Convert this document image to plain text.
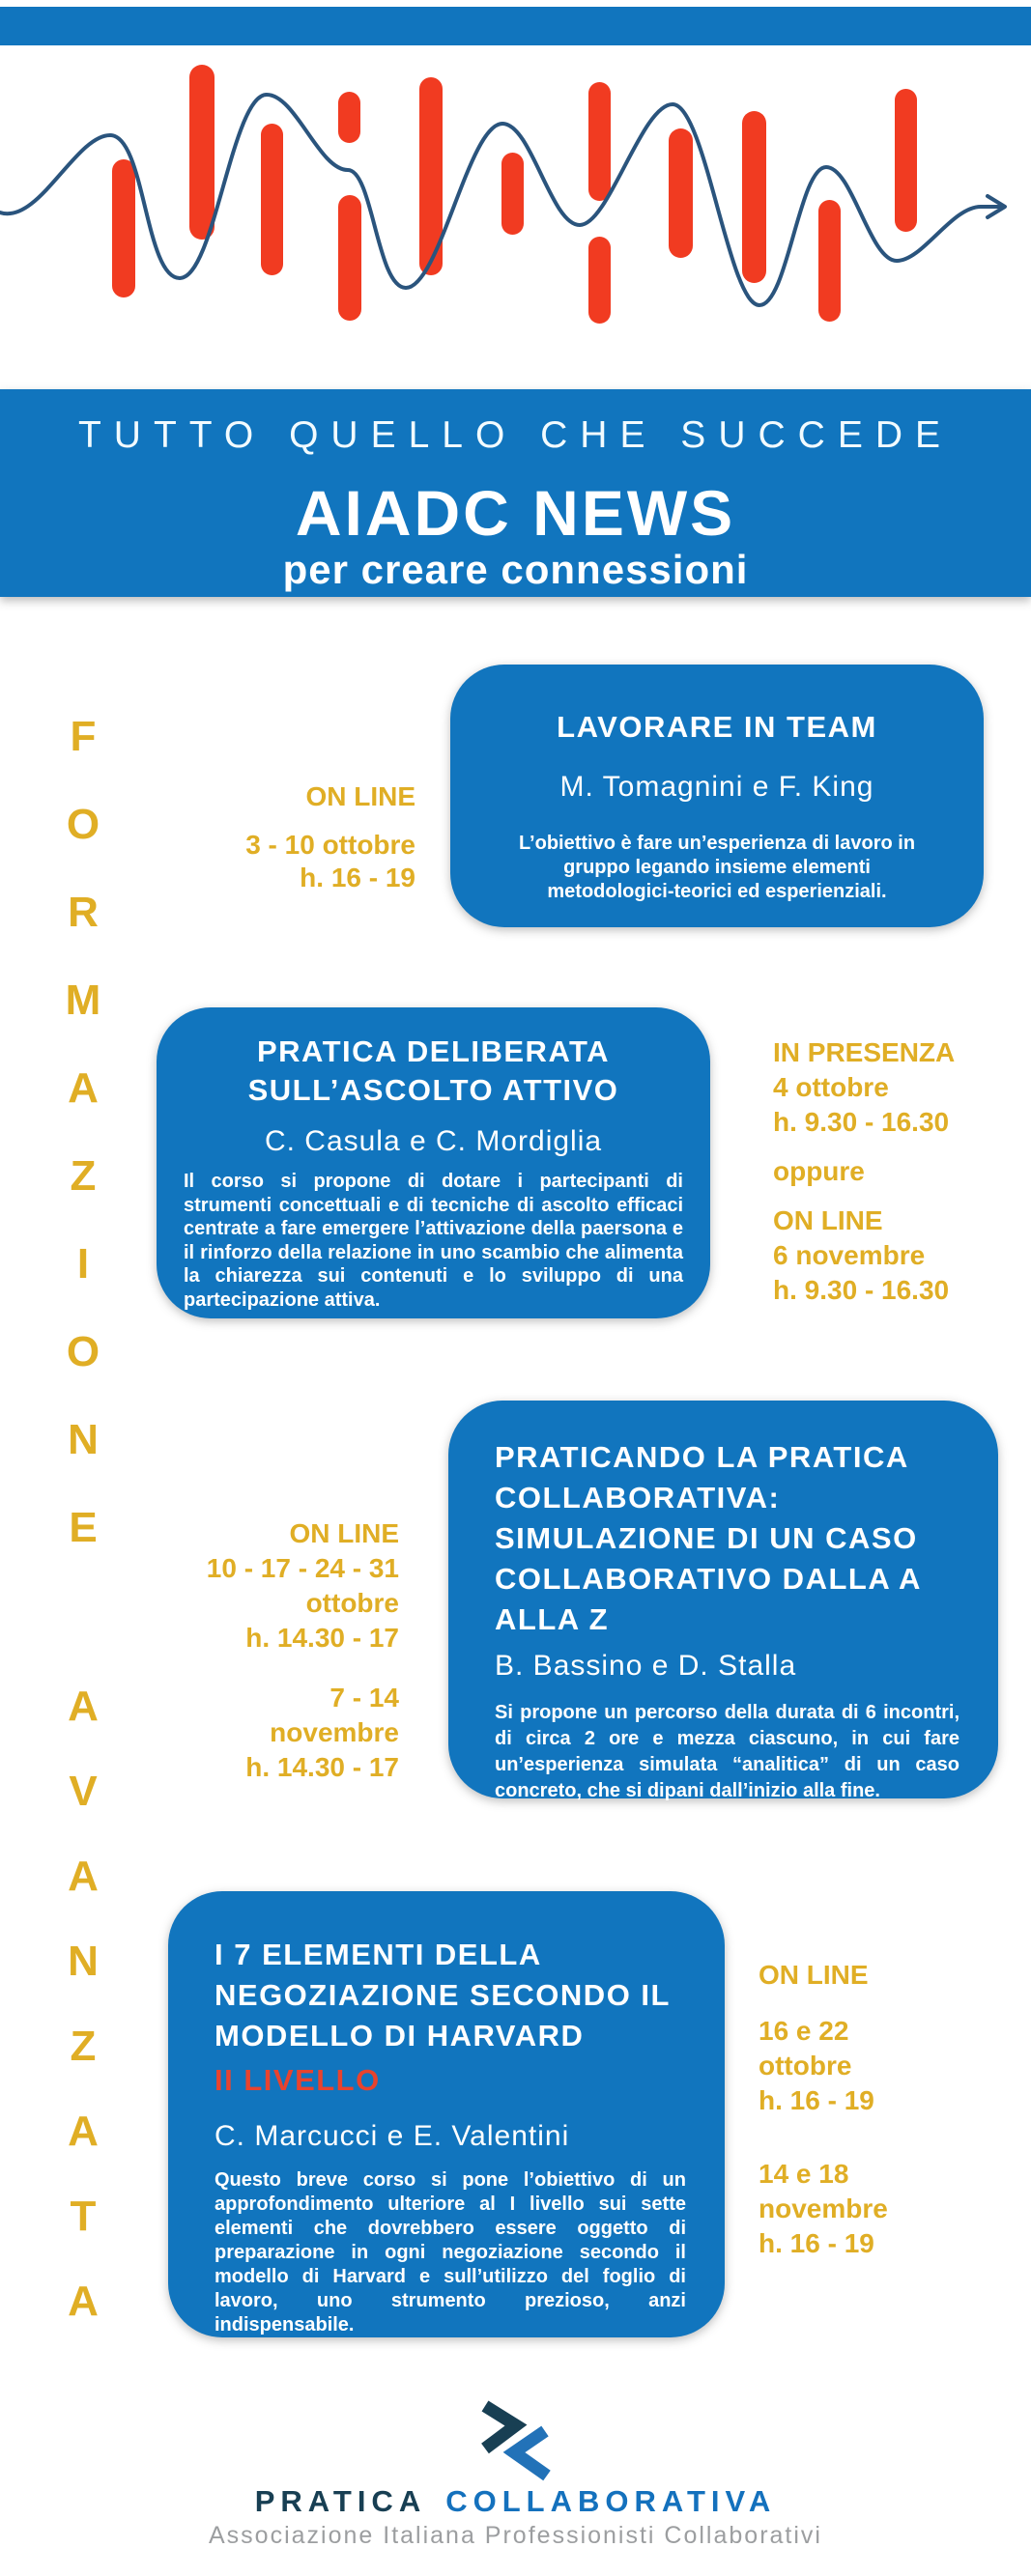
TUTTO QUELLO CHE SUCCEDE
AIADC NEWS
per creare connessioni
F
O
R
M
A
Z
I
O
N
E
A
V
A
N
Z
A
T
A
LAVORARE IN TEAM
M. Tomagnini e F. King
L’obiettivo è fare un’esperienza di lavoro in gruppo legando insieme elementi metodologici-teorici ed esperienziali.
ON LINE
3 - 10 ottobre
h. 16 - 19
PRATICA DELIBERATA SULL’ASCOLTO ATTIVO
C. Casula e C. Mordiglia
Il corso si propone di dotare i partecipanti di strumenti concettuali e di tecniche di ascolto efficaci centrate a fare emergere l’attivazione della paersona e il rinforzo della relazione in uno scambio che alimenta la chiarezza sui contenuti e lo sviluppo di una partecipazione attiva.
IN PRESENZA
4 ottobre
h. 9.30 - 16.30
oppure
ON LINE
6 novembre
h. 9.30 - 16.30
PRATICANDO LA PRATICA COLLABORATIVA: SIMULAZIONE DI UN CASO COLLABORATIVO DALLA A ALLA Z
B. Bassino e D. Stalla
Si propone un percorso della durata di 6 incontri, di circa 2 ore e mezza ciascuno, in cui fare un’esperienza simulata “analitica” di un caso concreto, che si dipani dall’inizio alla fine.
ON LINE
10 - 17 - 24 - 31
ottobre
h. 14.30 - 17
7 - 14
novembre
h. 14.30 - 17
I 7 ELEMENTI DELLA NEGOZIAZIONE SECONDO IL MODELLO DI HARVARD
II LIVELLO
C. Marcucci e E. Valentini
Questo breve corso si pone l’obiettivo di un approfondimento ulteriore al I livello sui sette elementi che dovrebbero essere oggetto di preparazione in ogni negoziazione secondo il modello di Harvard e sull’utilizzo del foglio di lavoro, uno strumento prezioso, anzi indispensabile.
ON LINE
16 e 22
ottobre
h. 16 - 19
14 e 18
novembre
h. 16 - 19
PRATICA COLLABORATIVA
Associazione Italiana Professionisti Collaborativi
